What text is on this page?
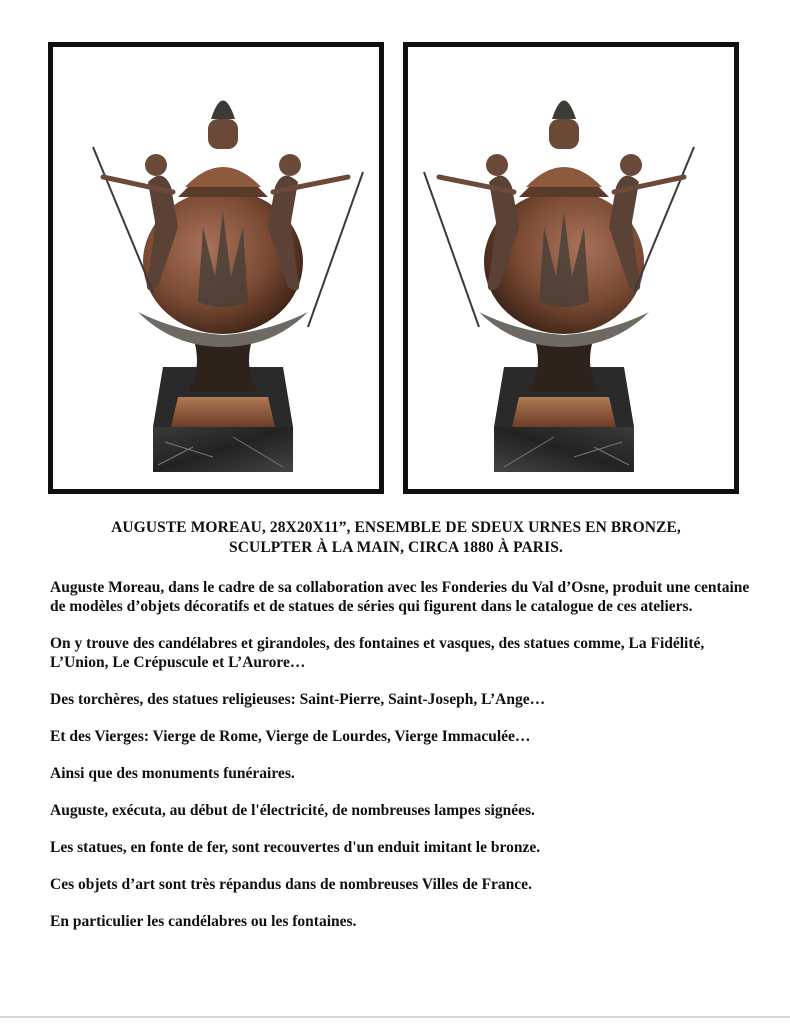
AUGUSTE MOREAU, 28X20X11”, ENSEMBLE DE SDEUX URNES EN BRONZE,
SCULPTER À LA MAIN, CIRCA 1880 À PARIS.

Auguste Moreau, dans le cadre de sa collaboration avec les Fonderies du Val d’Osne, produit une centaine de modèles d’objets décoratifs et de statues de séries qui figurent dans le catalogue de ces ateliers.

On y trouve des candélabres et girandoles, des fontaines et vasques, des statues comme, La Fidélité, L’Union, Le Crépuscule et L’Aurore…

Des torchères, des statues religieuses: Saint-Pierre, Saint-Joseph, L’Ange…

Et des Vierges: Vierge de Rome, Vierge de Lourdes, Vierge Immaculée…

Ainsi que des monuments funéraires.

Auguste, exécuta, au début de l'électricité, de nombreuses lampes signées.

Les statues, en fonte de fer, sont recouvertes d'un enduit imitant le bronze.

Ces objets d’art sont très répandus dans de nombreuses Villes de France.

En particulier les candélabres ou les fontaines.
